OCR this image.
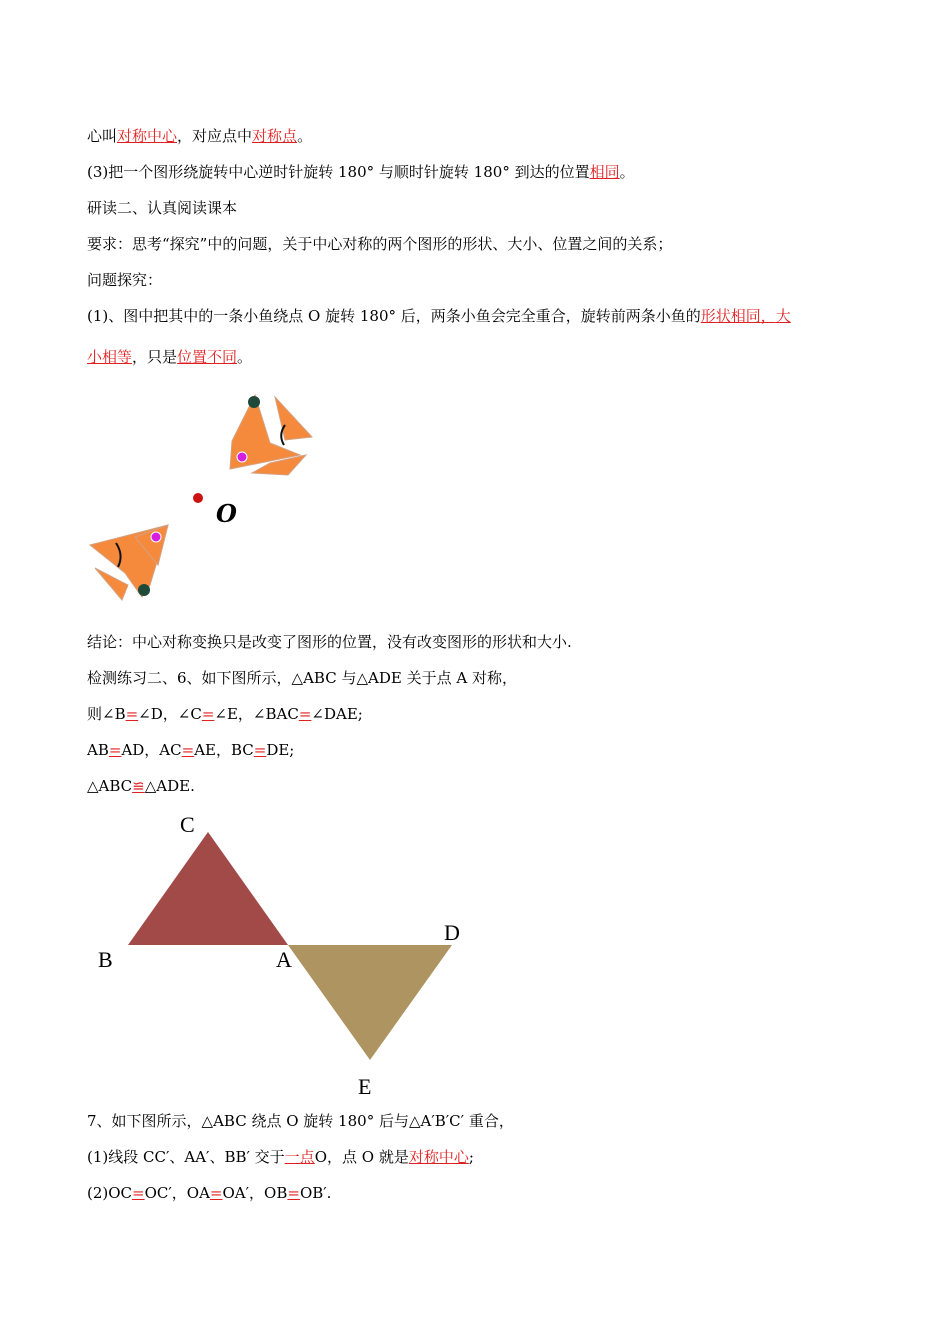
心叫对称中心，对应点中对称点。
(3)把一个图形绕旋转中心逆时针旋转 180° 与顺时针旋转 180° 到达的位置相同。
研读二、认真阅读课本
要求：思考“探究”中的问题，关于中心对称的两个图形的形状、大小、位置之间的关系；
问题探究：
(1)、图中把其中的一条小鱼绕点 O 旋转 180° 后，两条小鱼会完全重合，旋转前两条小鱼的形状相同，大
小相等，只是位置不同。
O
结论：中心对称变换只是改变了图形的位置，没有改变图形的形状和大小.
检测练习二、6、如下图所示，△ABC 与△ADE 关于点 A 对称，
则∠B=∠D，∠C=∠E，∠BAC=∠DAE;
AB=AD，AC=AE，BC=DE;
△ABC≌△ADE.
C
B	A
D
E
7、如下图所示，△ABC 绕点 O 旋转 180° 后与△A′B′C′ 重合，
(1)线段 CC′、AA′、BB′ 交于一点O，点 O 就是对称中心;
(2)OC=OC′，OA=OA′，OB=OB′.
